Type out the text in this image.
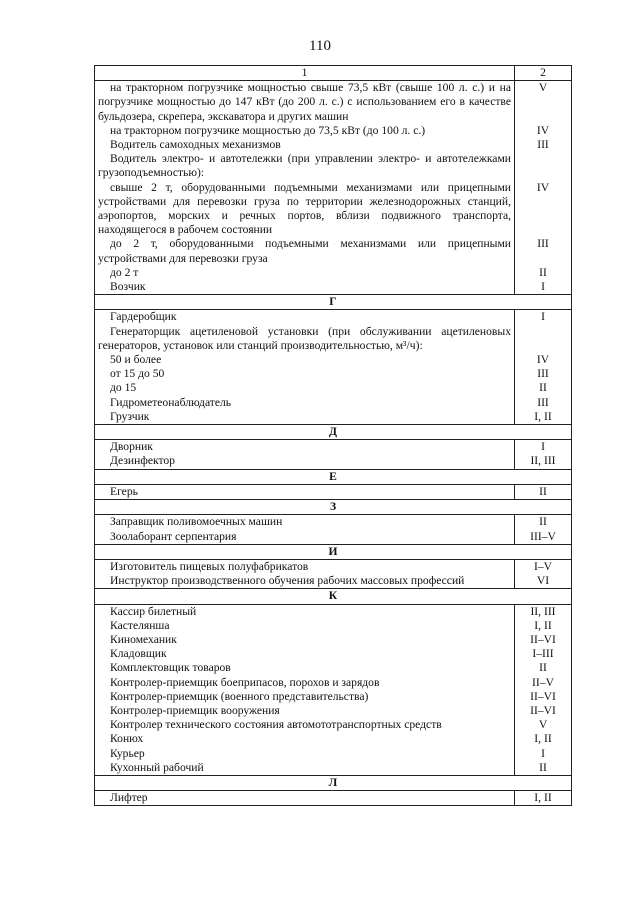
110
1	2
на тракторном погрузчике мощностью свыше 73,5 кВт (свыше 100 л. с.) и на погрузчике мощностью до 147 кВт (до 200 л. с.) с использованием его в качестве бульдозера, скрепера, экскаватора и других машин	V
на тракторном погрузчике мощностью до 73,5 кВт (до 100 л. с.)	IV
Водитель самоходных механизмов	III
Водитель электро- и автотележки (при управлении электро- и автотележками грузоподъемностью):	
свыше 2 т, оборудованными подъемными механизмами или прицепными устройствами для перевозки груза по территории железнодорожных станций, аэропортов, морских и речных портов, вблизи подвижного транспорта, находящегося в рабочем состоянии	IV
до 2 т, оборудованными подъемными механизмами или прицепными устройствами для перевозки груза	III
до 2 т	II
Возчик	I
Г	
Гардеробщик	I
Генераторщик ацетиленовой установки (при обслуживании ацетиленовых генераторов, установок или станций производительностью, м³/ч):	
50 и более	IV
от 15 до 50	III
до 15	II
Гидрометеонаблюдатель	III
Грузчик	I, II
Д	
Дворник	I
Дезинфектор	II, III
Е	
Егерь	II
З	
Заправщик поливомоечных машин	II
Зоолаборант серпентария	III–V
И	
Изготовитель пищевых полуфабрикатов	I–V
Инструктор производственного обучения рабочих массовых профессий	VI
К	
Кассир билетный	II, III
Кастелянша	I, II
Киномеханик	II–VI
Кладовщик	I–III
Комплектовщик товаров	II
Контролер-приемщик боеприпасов, порохов и зарядов	II–V
Контролер-приемщик (военного представительства)	II–VI
Контролер-приемщик вооружения	II–VI
Контролер технического состояния автомототранспортных средств	V
Конюх	I, II
Курьер	I
Кухонный рабочий	II
Л	
Лифтер	I, II
